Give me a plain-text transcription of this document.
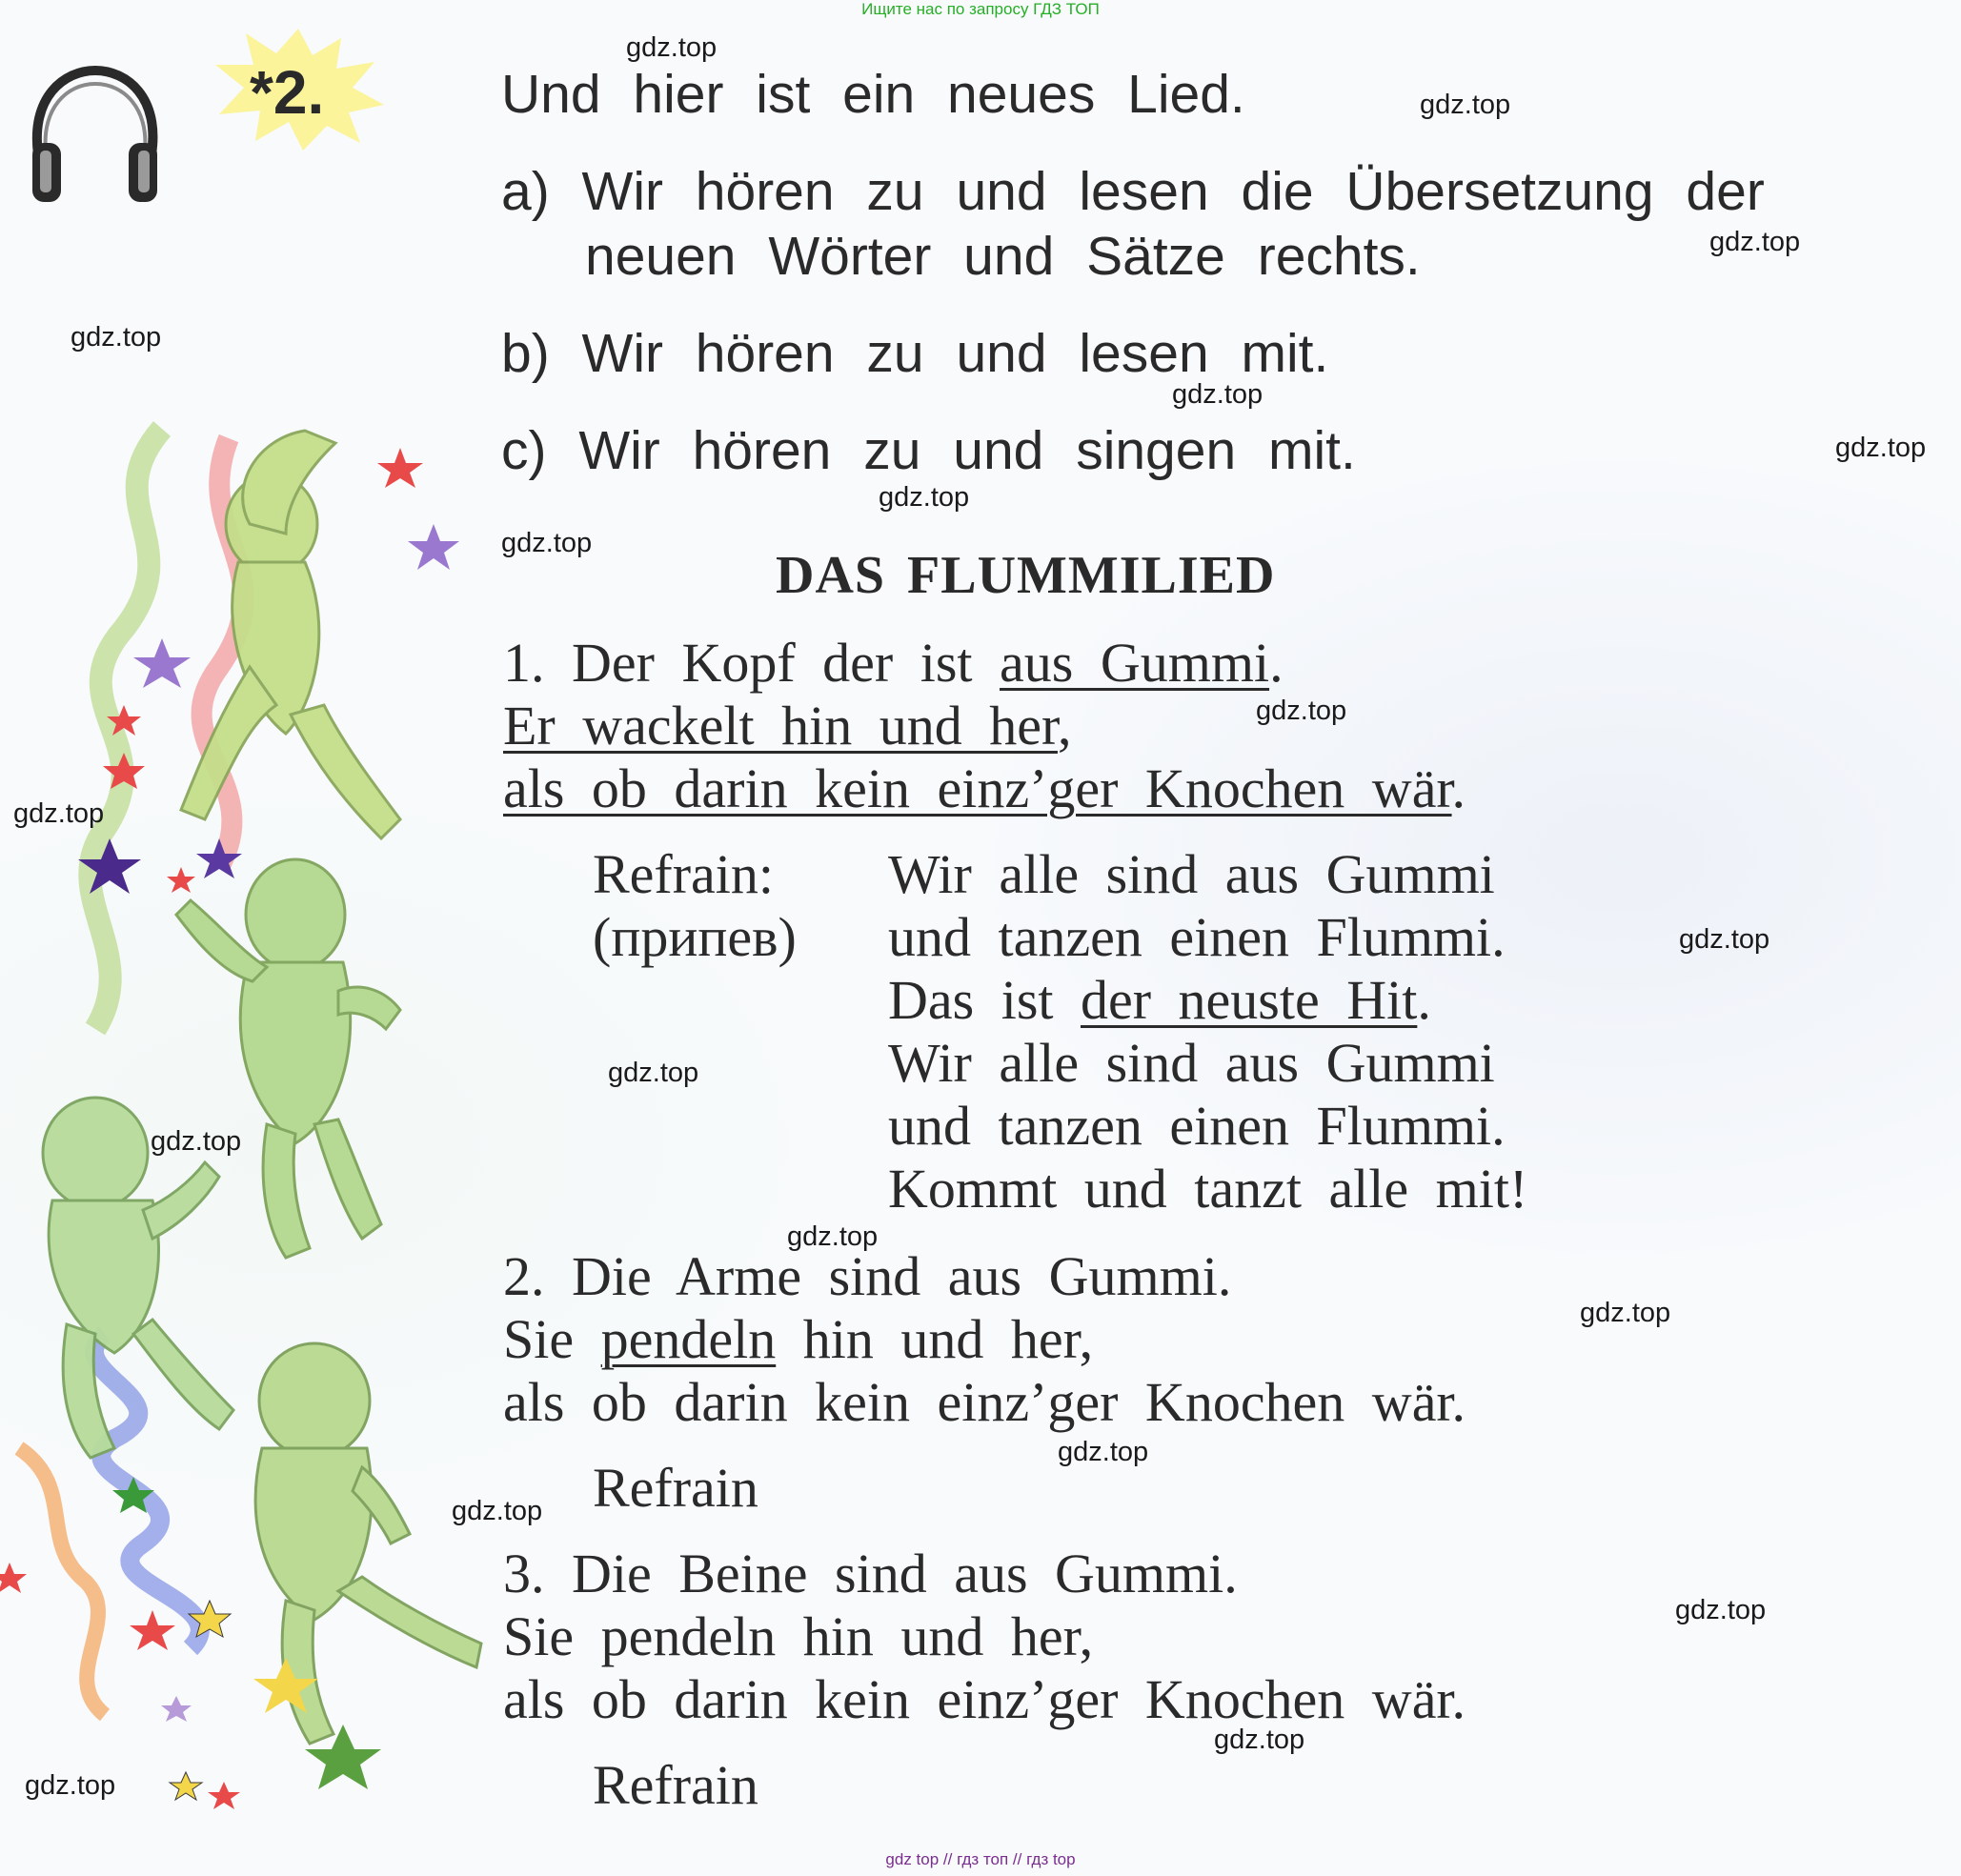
Ищите нас по запросу ГДЗ ТОП
*2.	Und hier ist ein neues Lied.
a) Wir hören zu und lesen die Übersetzung der
neuen Wörter und Sätze rechts.
b) Wir hören zu und lesen mit.
c) Wir hören zu und singen mit.
DAS FLUMMILIED
1. Der Kopf der ist aus Gummi.
Er wackelt hin und her,
als ob darin kein einz’ger Knochen wär.
Refrain:
(припев)
Wir alle sind aus Gummi
und tanzen einen Flummi.
Das ist der neuste Hit.
Wir alle sind aus Gummi
und tanzen einen Flummi.
Kommt und tanzt alle mit!
2. Die Arme sind aus Gummi.
Sie pendeln hin und her,
als ob darin kein einz’ger Knochen wär.
Refrain
3. Die Beine sind aus Gummi.
Sie pendeln hin und her,
als ob darin kein einz’ger Knochen wär.
Refrain
gdz.top
gdz.top
gdz.top
gdz.top
gdz.top
gdz.top
gdz.top
gdz.top
gdz.top
gdz.top
gdz.top
gdz.top
gdz.top
gdz.top
gdz.top
gdz.top
gdz.top
gdz.top
gdz.top
gdz.top
gdz top // гдз топ // гдз top
